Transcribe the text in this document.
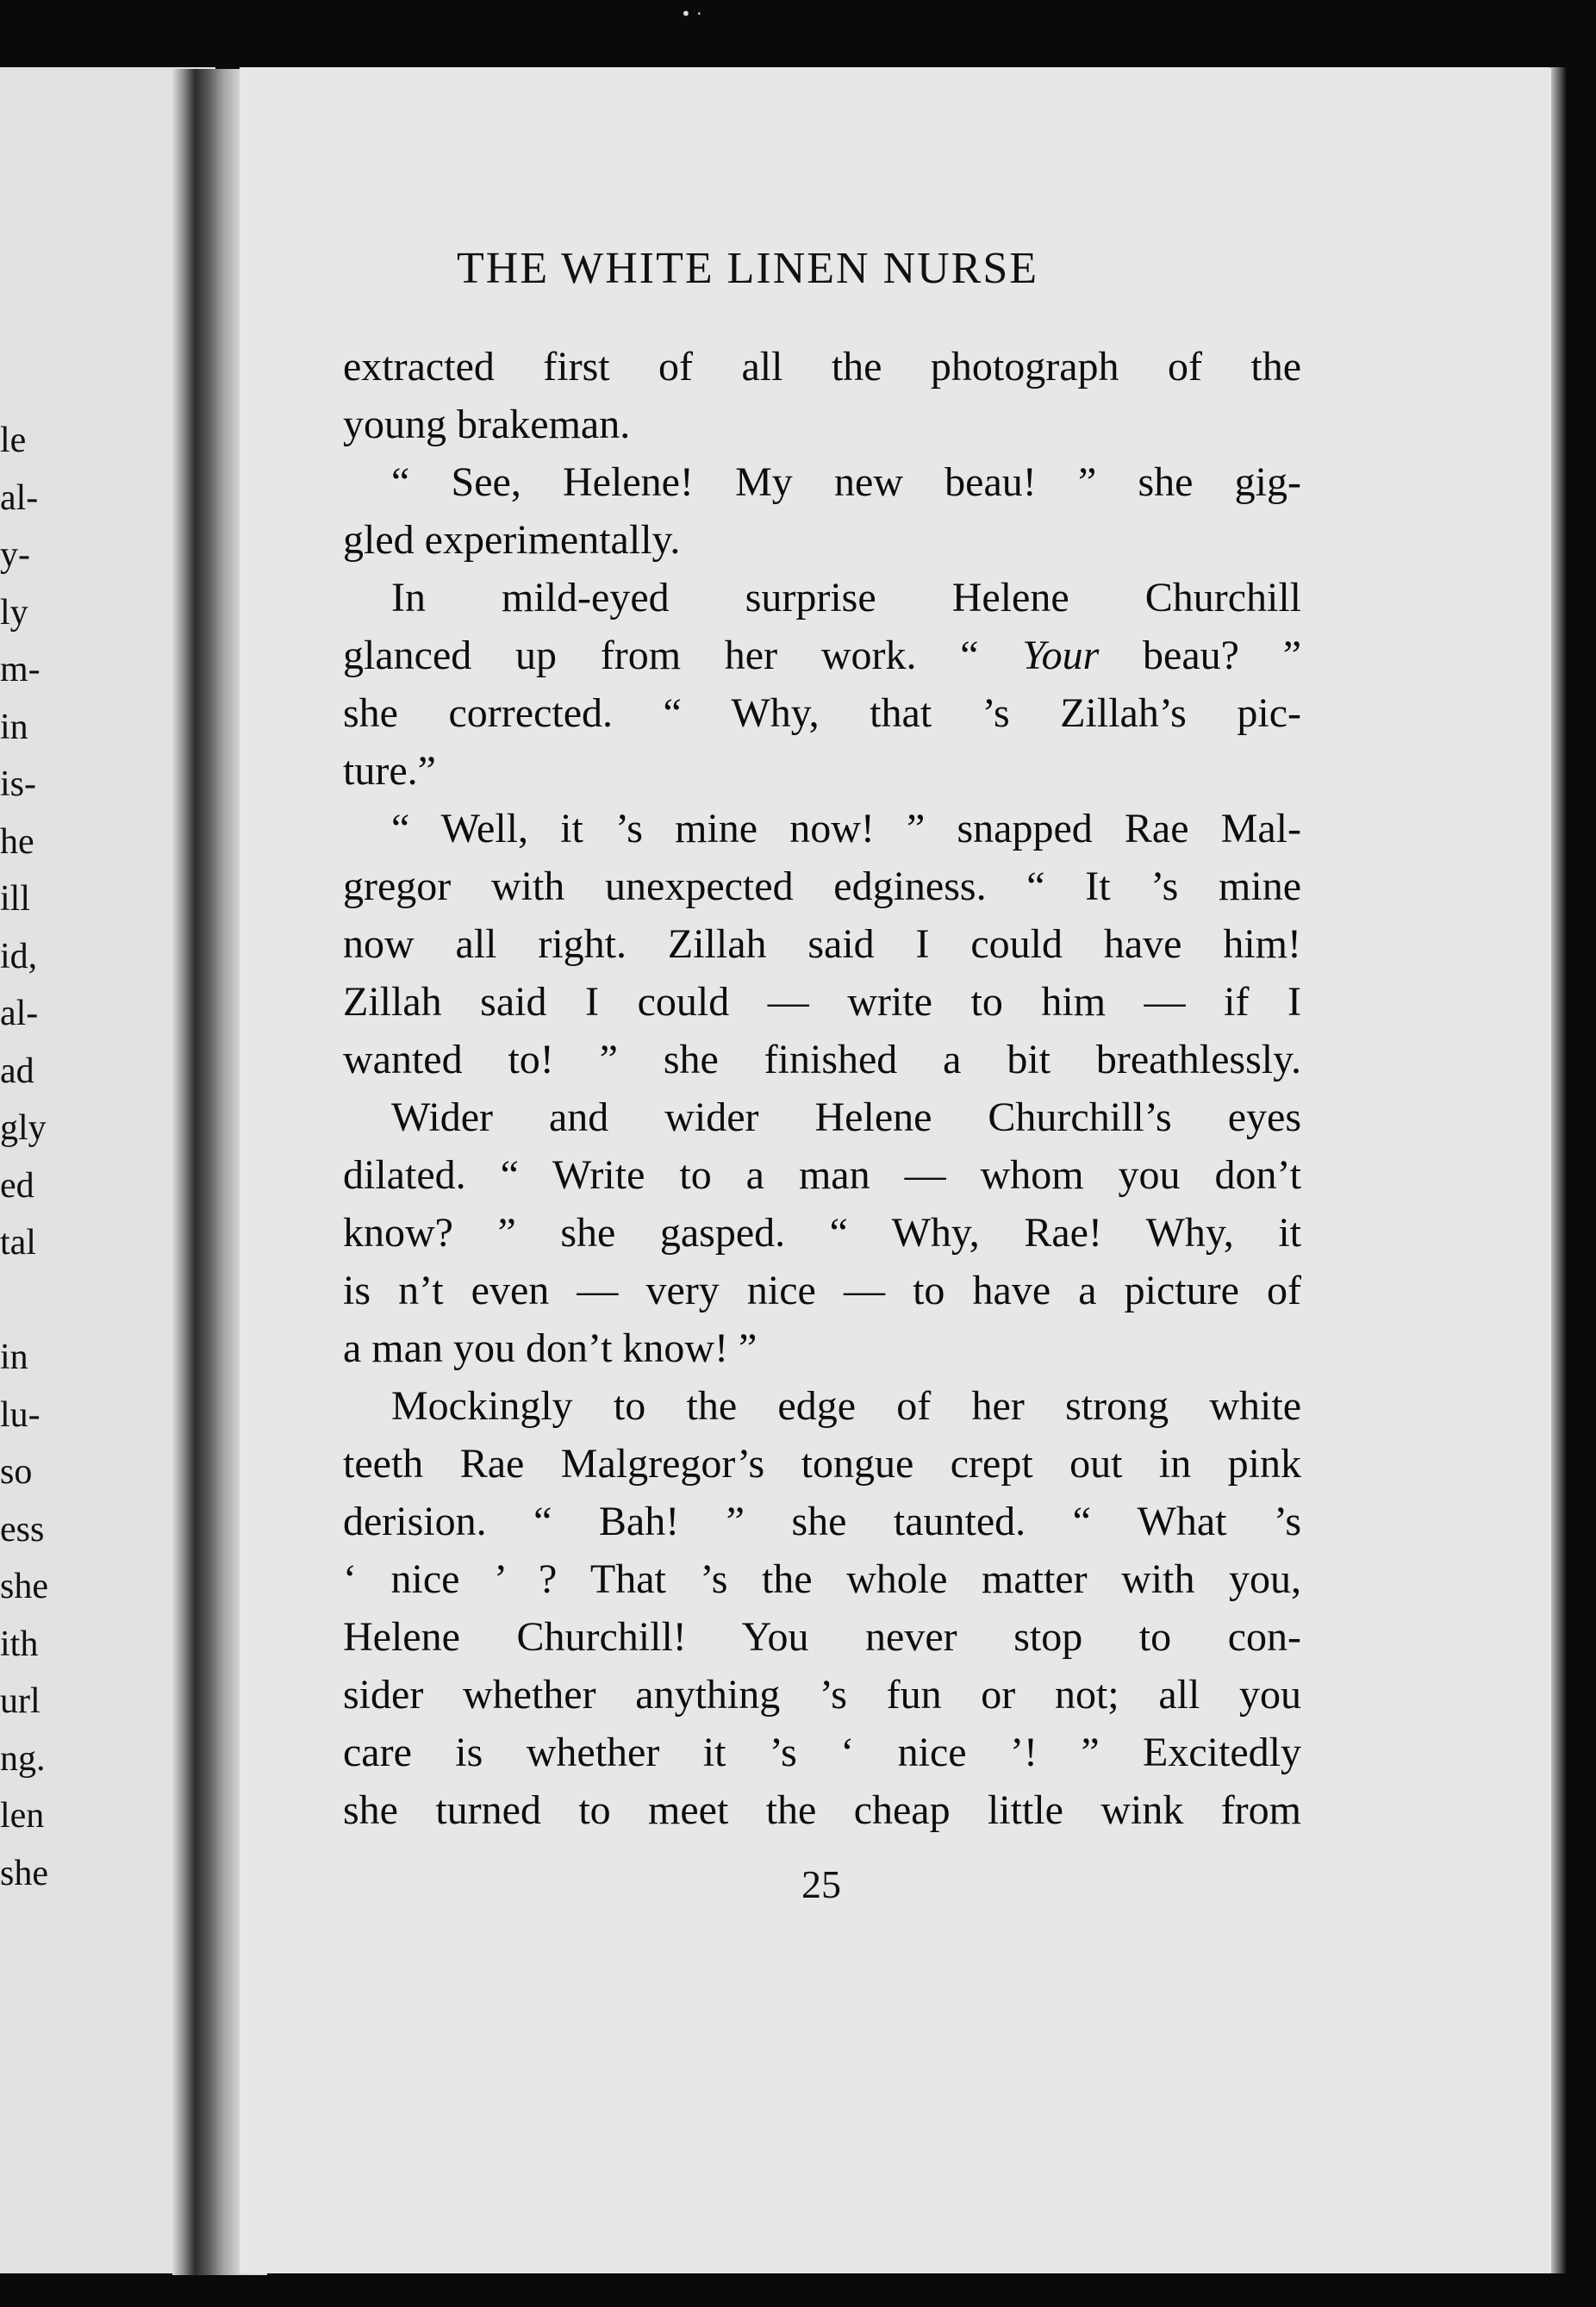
• ·
le
al-
y-
ly
m-
in
is-
he
ill
id,
al-
ad
gly
ed
tal
in
lu-
so
ess
she
ith
url
ng.
len
she
THE WHITE LINEN NURSE
extracted first of all the photograph of the
young brakeman.
“ See, Helene! My new beau! ” she gig-
gled experimentally.
In mild-eyed surprise Helene Churchill
glanced up from her work. “ Your beau? ”
she corrected. “ Why, that ’s Zillah’s pic-
ture.”
“ Well, it ’s mine now! ” snapped Rae Mal-
gregor with unexpected edginess. “ It ’s mine
now all right. Zillah said I could have him!
Zillah said I could — write to him — if I
wanted to! ” she finished a bit breathlessly.
Wider and wider Helene Churchill’s eyes
dilated. “ Write to a man — whom you don’t
know? ” she gasped. “ Why, Rae! Why, it
is n’t even — very nice — to have a picture of
a man you don’t know! ”
Mockingly to the edge of her strong white
teeth Rae Malgregor’s tongue crept out in pink
derision. “ Bah! ” she taunted. “ What ’s
‘ nice ’ ? That ’s the whole matter with you,
Helene Churchill! You never stop to con-
sider whether anything ’s fun or not; all you
care is whether it ’s ‘ nice ’! ” Excitedly
she turned to meet the cheap little wink from
25
